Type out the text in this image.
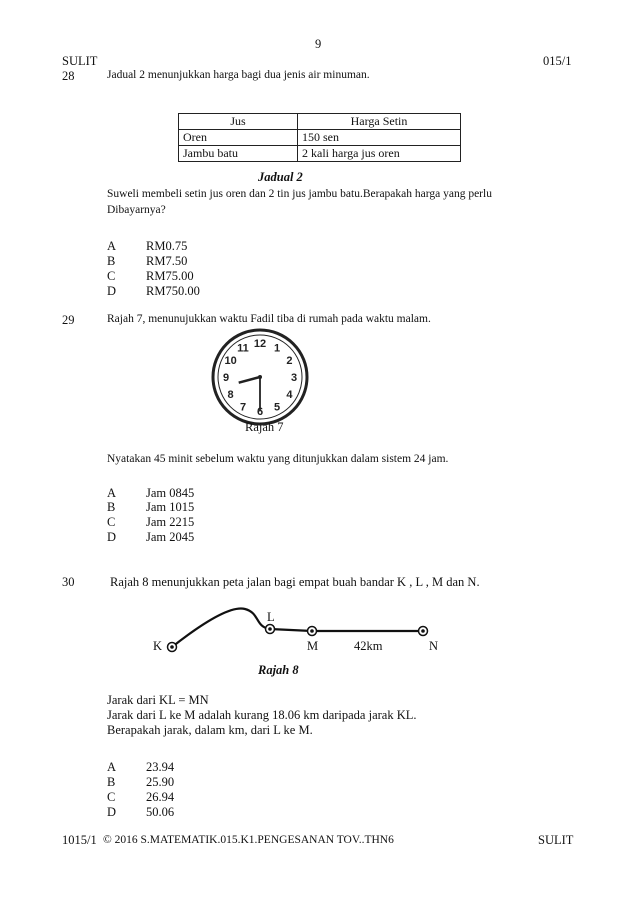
9
SULIT	015/1
28	Jadual 2 menunjukkan harga bagi dua jenis air minuman.
Jus	Harga Setin
Oren	150 sen
Jambu batu	2 kali harga jus oren
Jadual 2
Suweli membeli setin jus oren dan 2 tin jus jambu batu.Berapakah harga yang perlu
Dibayarnya?
A RM0.75
B RM7.50
C RM75.00
D RM750.00
29	Rajah 7, menunujukkan waktu Fadil tiba di rumah pada waktu malam.
12 1
2
3
4
5
6
7
8
9
10
11
Rajah 7
Nyatakan 45 minit sebelum waktu yang ditunjukkan dalam sistem 24 jam.
A Jam 0845
B Jam 1015
C Jam 2215
D Jam 2045
30	Rajah 8 menunjukkan peta jalan bagi empat buah bandar K , L , M dan N.
K
L
M	42km	N
Rajah 8
Jarak dari KL = MN
Jarak dari L ke M adalah kurang 18.06 km daripada jarak KL.
Berapakah jarak, dalam km, dari L ke M.
A 23.94
B 25.90
C 26.94
D 50.06
1015/1 © 2016 S.MATEMATIK.015.K1.PENGESANAN TOV..THN6	SULIT
